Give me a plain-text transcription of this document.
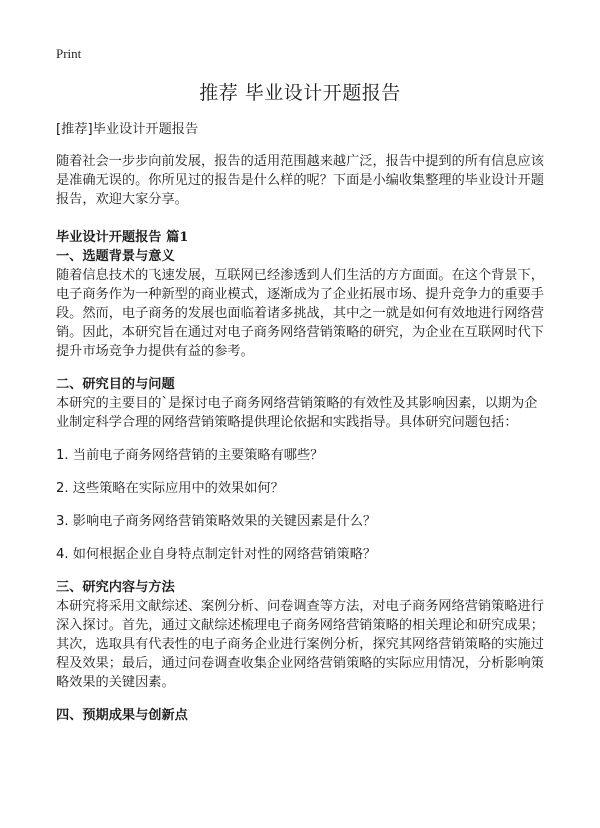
Print
推荐 毕业设计开题报告

[推荐]毕业设计开题报告

随着社会一步步向前发展，报告的适用范围越来越广泛，报告中提到的所有信息应该是准确无误的。你所见过的报告是什么样的呢？下面是小编收集整理的毕业设计开题报告，欢迎大家分享。

毕业设计开题报告 篇1

一、选题背景与意义

随着信息技术的飞速发展，互联网已经渗透到人们生活的方方面面。在这个背景下，电子商务作为一种新型的商业模式，逐渐成为了企业拓展市场、提升竞争力的重要手段。然而，电子商务的发展也面临着诸多挑战，其中之一就是如何有效地进行网络营销。因此，本研究旨在通过对电子商务网络营销策略的研究，为企业在互联网时代下提升市场竞争力提供有益的参考。

二、研究目的与问题

本研究的主要目的`是探讨电子商务网络营销策略的有效性及其影响因素，以期为企业制定科学合理的网络营销策略提供理论依据和实践指导。具体研究问题包括：

1. 当前电子商务网络营销的主要策略有哪些？

2. 这些策略在实际应用中的效果如何？

3. 影响电子商务网络营销策略效果的关键因素是什么？

4. 如何根据企业自身特点制定针对性的网络营销策略？

三、研究内容与方法

本研究将采用文献综述、案例分析、问卷调查等方法，对电子商务网络营销策略进行深入探讨。首先，通过文献综述梳理电子商务网络营销策略的相关理论和研究成果；其次，选取具有代表性的电子商务企业进行案例分析，探究其网络营销策略的实施过程及效果；最后，通过问卷调查收集企业网络营销策略的实际应用情况，分析影响策略效果的关键因素。

四、预期成果与创新点
